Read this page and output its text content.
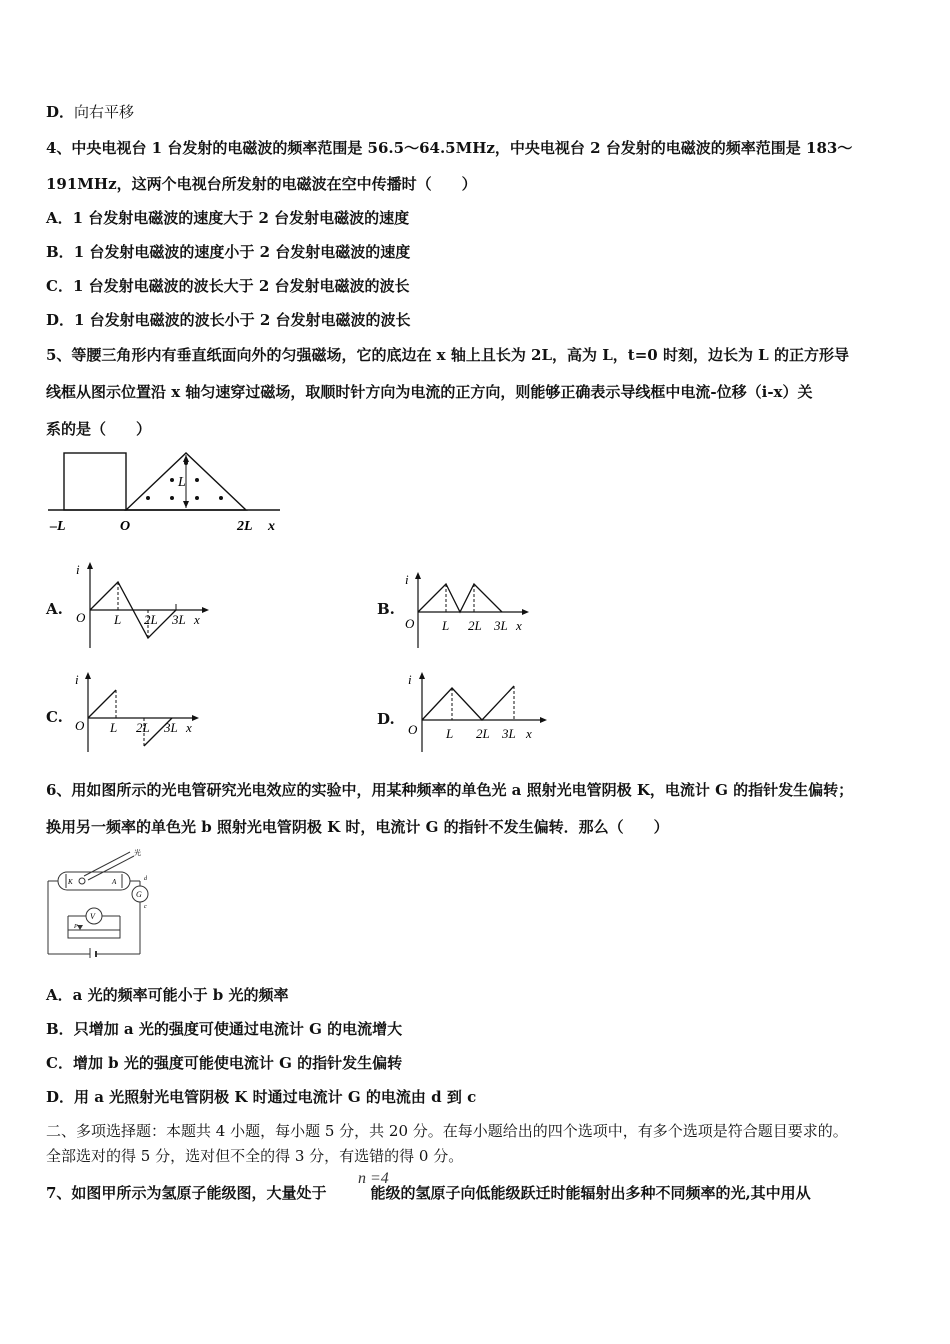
D．向右平移
4、中央电视台 1 台发射的电磁波的频率范围是 56.5～64.5MHz，中央电视台 2 台发射的电磁波的频率范围是 183～
191MHz，这两个电视台所发射的电磁波在空中传播时（　　）
A．1 台发射电磁波的速度大于 2 台发射电磁波的速度
B．1 台发射电磁波的速度小于 2 台发射电磁波的速度
C．1 台发射电磁波的波长大于 2 台发射电磁波的波长
D．1 台发射电磁波的波长小于 2 台发射电磁波的波长
5、等腰三角形内有垂直纸面向外的匀强磁场，它的底边在 x 轴上且长为 2L，高为 L，t=0 时刻，边长为 L 的正方形导
线框从图示位置沿 x 轴匀速穿过磁场，取顺时针方向为电流的正方向，则能够正确表示导线框中电流-位移（i-x）关
系的是（　　）
L
–L	O	2L x
A.	B.
C.	D.
i
O L 2L 3L x
i
O L 2L 3L x
i
O L 2L 3L x
i
O L 2L 3L x
6、用如图所示的光电管研究光电效应的实验中，用某种频率的单色光 a 照射光电管阴极 K，电流计 G 的指针发生偏转；
换用另一频率的单色光 b 照射光电管阴极 K 时，电流计 G 的指针不发生偏转．那么（　　）
光
K	A
G
d
c
V
P
A．a 光的频率可能小于 b 光的频率
B．只增加 a 光的强度可使通过电流计 G 的电流增大
C．增加 b 光的强度可能使电流计 G 的指针发生偏转
D．用 a 光照射光电管阴极 K 时通过电流计 G 的电流由 d 到 c
二、多项选择题：本题共 4 小题，每小题 5 分，共 20 分。在每小题给出的四个选项中，有多个选项是符合题目要求的。
全部选对的得 5 分，选对但不全的得 3 分，有选错的得 0 分。
7、如图甲所示为氢原子能级图，大量处于	能级的氢原子向低能级跃迁时能辐射出多种不同频率的光,其中用从
n =4
